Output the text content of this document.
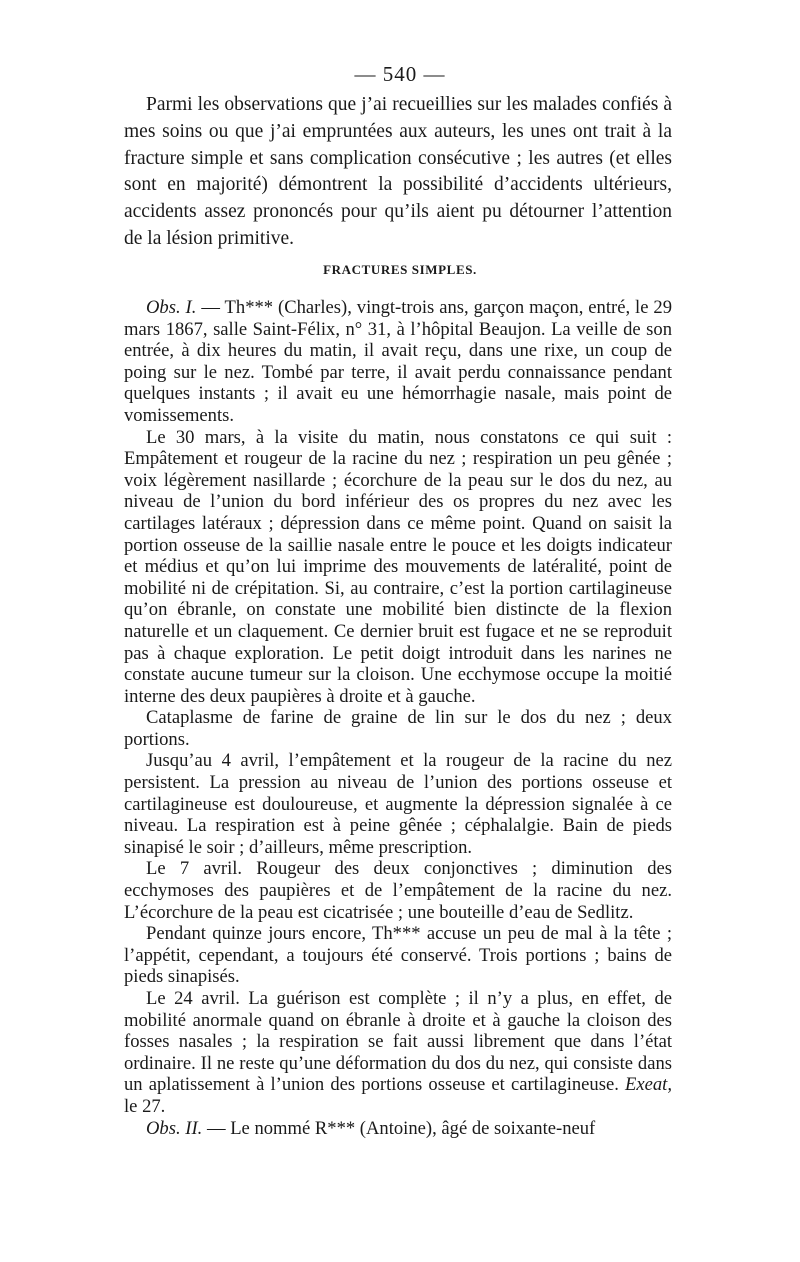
— 540 —

Parmi les observations que j’ai recueillies sur les malades confiés à mes soins ou que j’ai empruntées aux auteurs, les unes ont trait à la fracture simple et sans complication consécutive ; les autres (et elles sont en majorité) démontrent la possibilité d’accidents ultérieurs, accidents assez prononcés pour qu’ils aient pu détourner l’attention de la lésion primitive.

FRACTURES SIMPLES.

Obs. I. — Th*** (Charles), vingt-trois ans, garçon maçon, entré, le 29 mars 1867, salle Saint-Félix, n° 31, à l’hôpital Beaujon. La veille de son entrée, à dix heures du matin, il avait reçu, dans une rixe, un coup de poing sur le nez. Tombé par terre, il avait perdu connaissance pendant quelques instants ; il avait eu une hémorrhagie nasale, mais point de vomissements.

Le 30 mars, à la visite du matin, nous constatons ce qui suit : Empâtement et rougeur de la racine du nez ; respiration un peu gênée ; voix légèrement nasillarde ; écorchure de la peau sur le dos du nez, au niveau de l’union du bord inférieur des os propres du nez avec les cartilages latéraux ; dépression dans ce même point. Quand on saisit la portion osseuse de la saillie nasale entre le pouce et les doigts indicateur et médius et qu’on lui imprime des mouvements de latéralité, point de mobilité ni de crépitation. Si, au contraire, c’est la portion cartilagineuse qu’on ébranle, on constate une mobilité bien distincte de la flexion naturelle et un claquement. Ce dernier bruit est fugace et ne se reproduit pas à chaque exploration. Le petit doigt introduit dans les narines ne constate aucune tumeur sur la cloison. Une ecchymose occupe la moitié interne des deux paupières à droite et à gauche.

Cataplasme de farine de graine de lin sur le dos du nez ; deux portions.

Jusqu’au 4 avril, l’empâtement et la rougeur de la racine du nez persistent. La pression au niveau de l’union des portions osseuse et cartilagineuse est douloureuse, et augmente la dépression signalée à ce niveau. La respiration est à peine gênée ; céphalalgie. Bain de pieds sinapisé le soir ; d’ailleurs, même prescription.

Le 7 avril. Rougeur des deux conjonctives ; diminution des ecchymoses des paupières et de l’empâtement de la racine du nez. L’écorchure de la peau est cicatrisée ; une bouteille d’eau de Sedlitz.

Pendant quinze jours encore, Th*** accuse un peu de mal à la tête ; l’appétit, cependant, a toujours été conservé. Trois portions ; bains de pieds sinapisés.

Le 24 avril. La guérison est complète ; il n’y a plus, en effet, de mobilité anormale quand on ébranle à droite et à gauche la cloison des fosses nasales ; la respiration se fait aussi librement que dans l’état ordinaire. Il ne reste qu’une déformation du dos du nez, qui consiste dans un aplatissement à l’union des portions osseuse et cartilagineuse. Exeat, le 27.

Obs. II. — Le nommé R*** (Antoine), âgé de soixante-neuf
